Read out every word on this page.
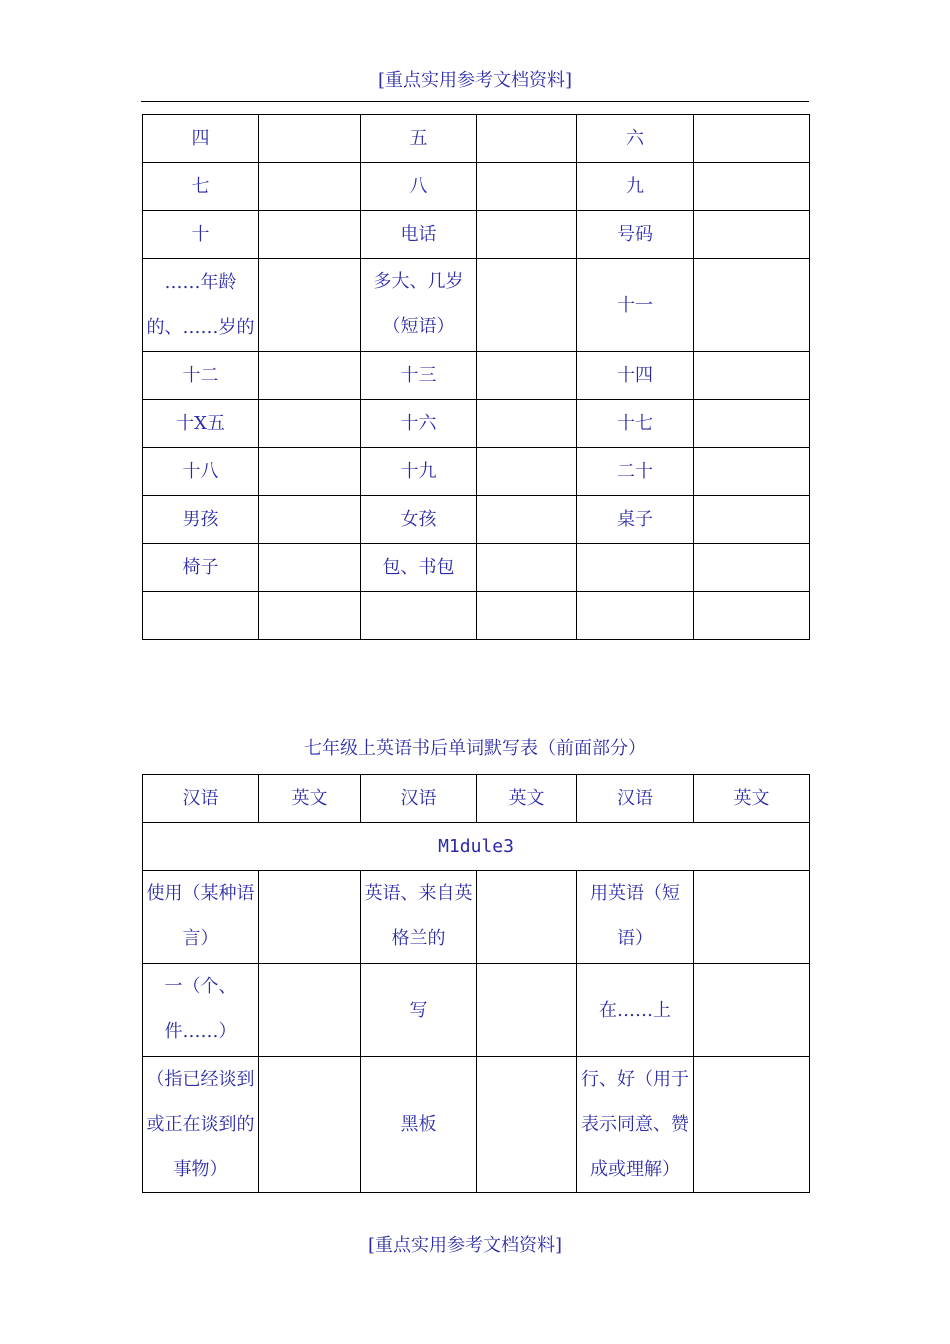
[重点实用参考文档资料]
四		五		六	
七		八		九	
十		电话		号码	
……年龄的、……岁的		多大、几岁（短语）		十一	
十二		十三		十四	
十X五		十六		十七	
十八		十九		二十	
男孩		女孩		桌子	
椅子		包、书包			

七年级上英语书后单词默写表（前面部分）
汉语	英文	汉语	英文	汉语	英文
M1dule3					
使用（某种语言）		英语、来自英格兰的		用英语（短语）	
一（个、件……）		写		在……上	
（指已经谈到或正在谈到的事物）		黑板		行、好（用于表示同意、赞成或理解）	
[重点实用参考文档资料]
